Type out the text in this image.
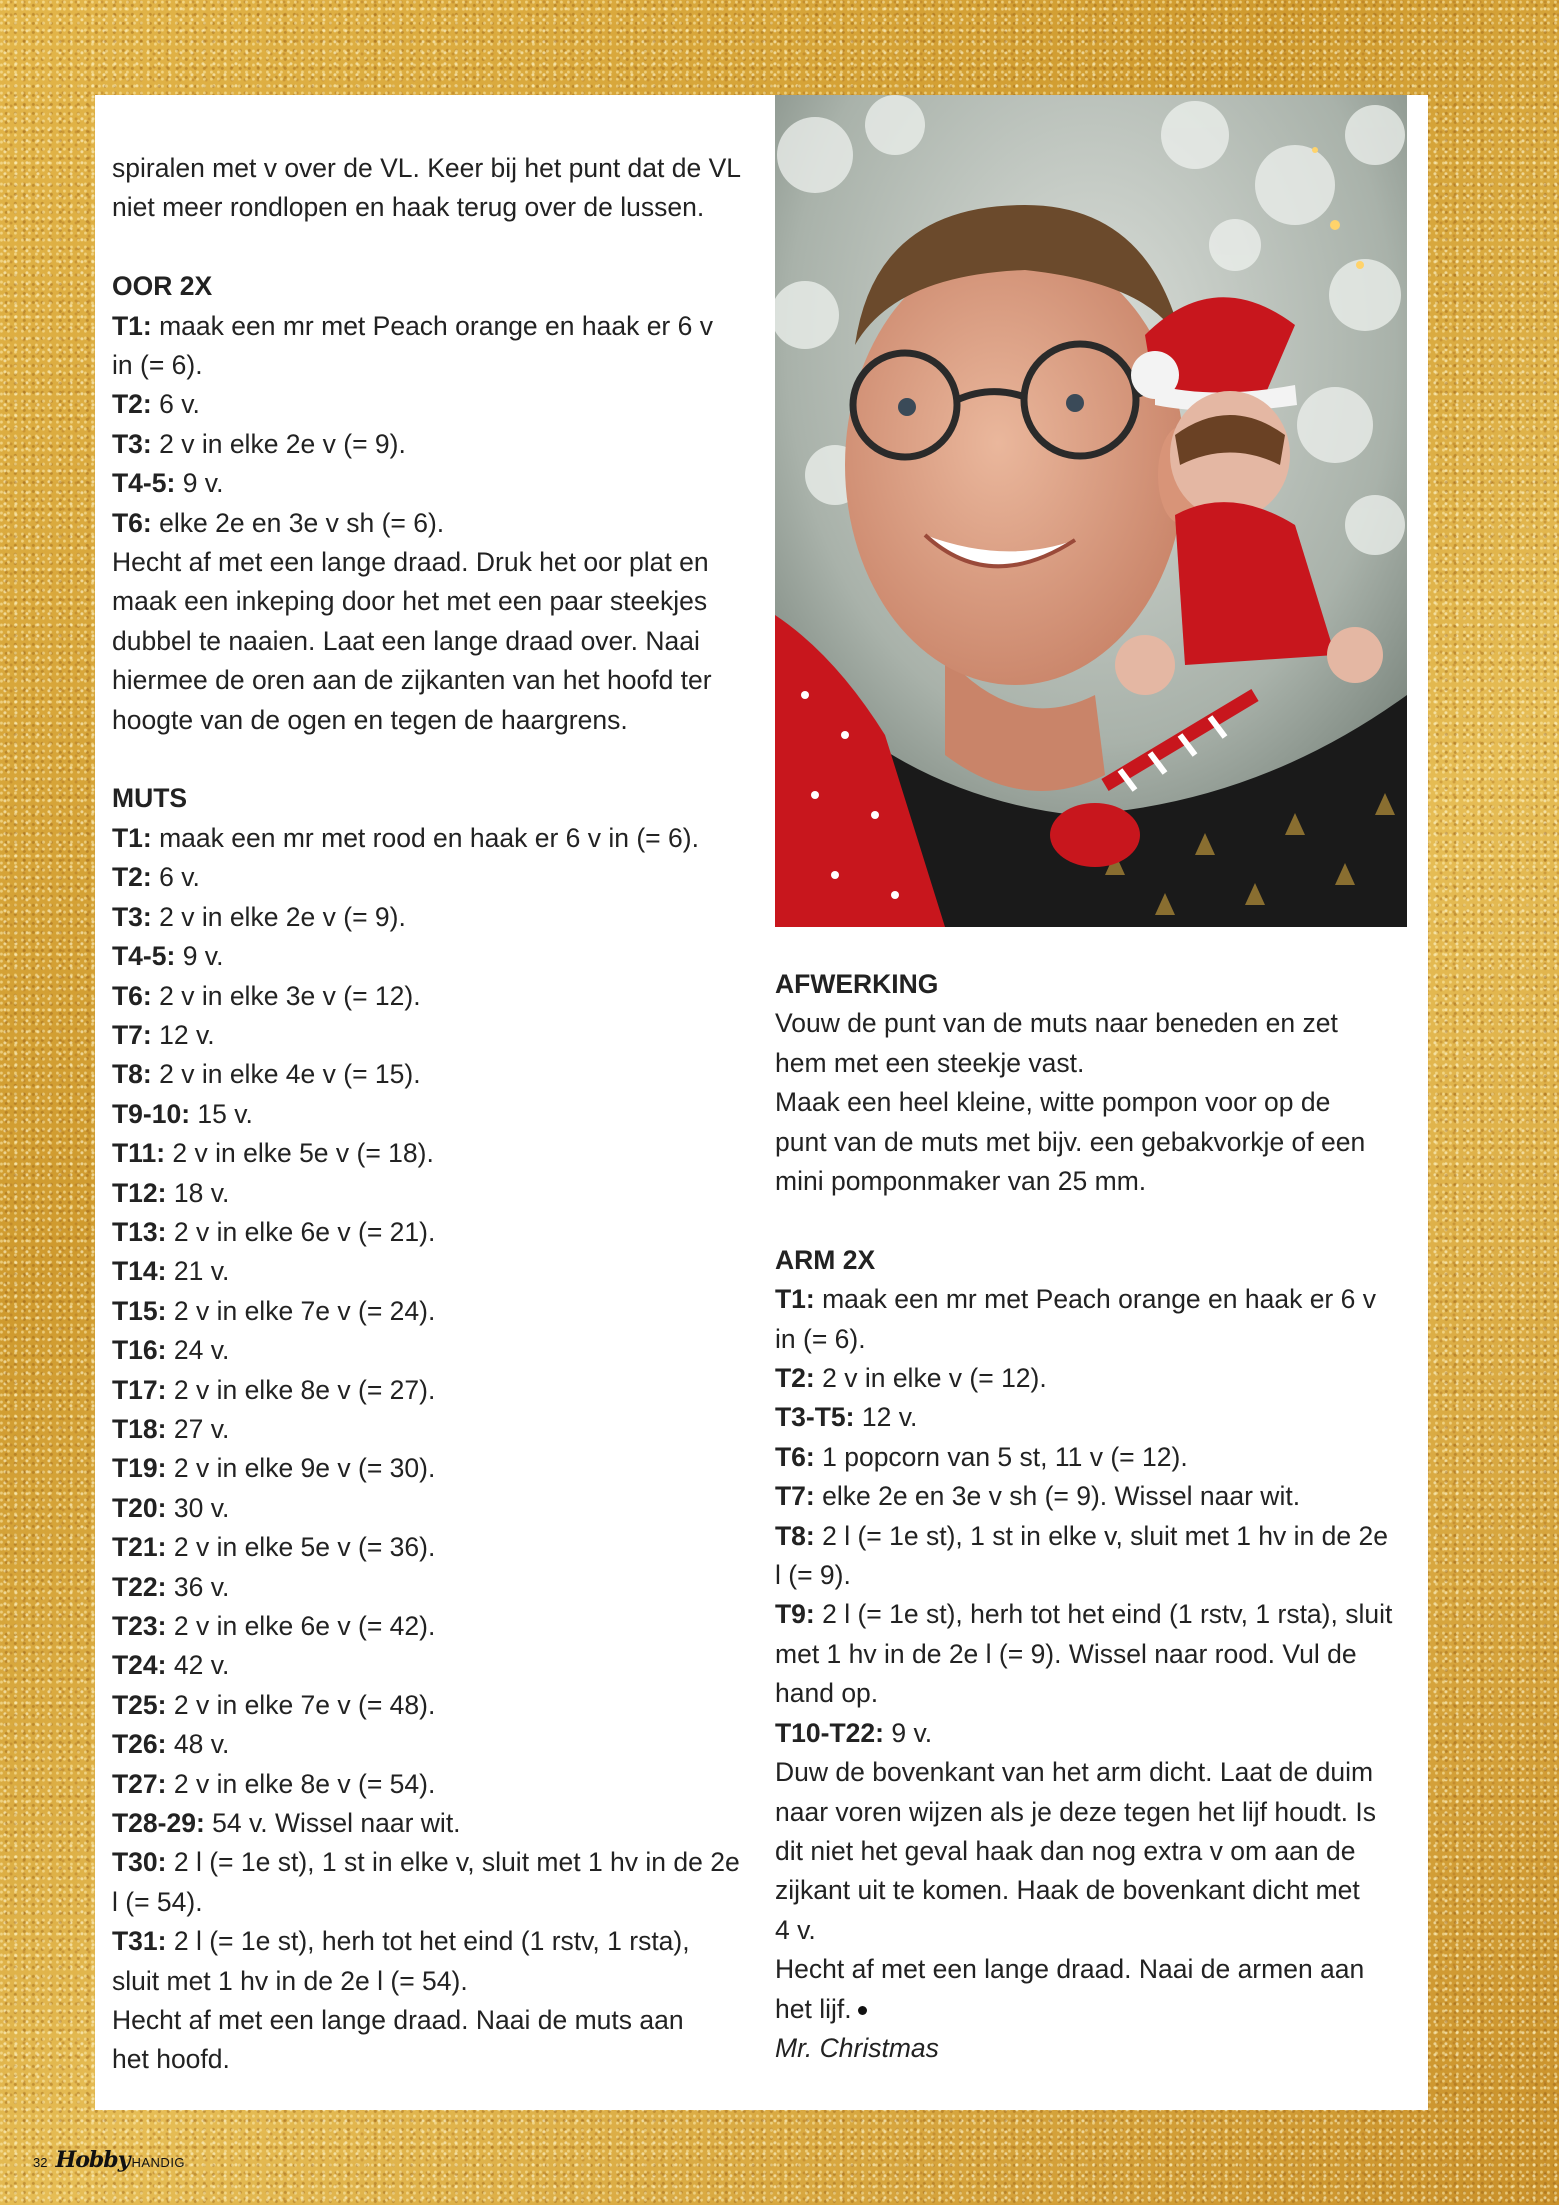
spiralen met v over de VL. Keer bij het punt dat de VL

niet meer rondlopen en haak terug over de lussen.

OOR 2X

T1: maak een mr met Peach orange en haak er 6 v

in (= 6).

T2: 6 v.

T3: 2 v in elke 2e v (= 9).

T4-5: 9 v.

T6: elke 2e en 3e v sh (= 6).

Hecht af met een lange draad. Druk het oor plat en

maak een inkeping door het met een paar steekjes

dubbel te naaien. Laat een lange draad over. Naai

hiermee de oren aan de zijkanten van het hoofd ter

hoogte van de ogen en tegen de haargrens.

MUTS

T1: maak een mr met rood en haak er 6 v in (= 6).

T2: 6 v.

T3: 2 v in elke 2e v (= 9).

T4-5: 9 v.

T6: 2 v in elke 3e v (= 12).

T7: 12 v.

T8: 2 v in elke 4e v (= 15).

T9-10: 15 v.

T11: 2 v in elke 5e v (= 18).

T12: 18 v.

T13: 2 v in elke 6e v (= 21).

T14: 21 v.

T15: 2 v in elke 7e v (= 24).

T16: 24 v.

T17: 2 v in elke 8e v (= 27).

T18: 27 v.

T19: 2 v in elke 9e v (= 30).

T20: 30 v.

T21: 2 v in elke 5e v (= 36).

T22: 36 v.

T23: 2 v in elke 6e v (= 42).

T24: 42 v.

T25: 2 v in elke 7e v (= 48).

T26: 48 v.

T27: 2 v in elke 8e v (= 54).

T28-29: 54 v. Wissel naar wit.

T30: 2 l (= 1e st), 1 st in elke v, sluit met 1 hv in de 2e

l (= 54).

T31: 2 l (= 1e st), herh tot het eind (1 rstv, 1 rsta),

sluit met 1 hv in de 2e l (= 54).

Hecht af met een lange draad. Naai de muts aan

het hoofd.

AFWERKING

Vouw de punt van de muts naar beneden en zet

hem met een steekje vast.

Maak een heel kleine, witte pompon voor op de

punt van de muts met bijv. een gebakvorkje of een

mini pomponmaker van 25 mm.

ARM 2X

T1: maak een mr met Peach orange en haak er 6 v

in (= 6).

T2: 2 v in elke v (= 12).

T3-T5: 12 v.

T6: 1 popcorn van 5 st, 11 v (= 12).

T7: elke 2e en 3e v sh (= 9). Wissel naar wit.

T8: 2 l (= 1e st), 1 st in elke v, sluit met 1 hv in de 2e

l (= 9).

T9: 2 l (= 1e st), herh tot het eind (1 rstv, 1 rsta), sluit

met 1 hv in de 2e l (= 9). Wissel naar rood. Vul de

hand op.

T10-T22: 9 v.

Duw de bovenkant van het arm dicht. Laat de duim

naar voren wijzen als je deze tegen het lijf houdt. Is

dit niet het geval haak dan nog extra v om aan de

zijkant uit te komen. Haak de bovenkant dicht met

4 v.

Hecht af met een lange draad. Naai de armen aan

het lijf.

Mr. Christmas

32 Hobby HANDIG
